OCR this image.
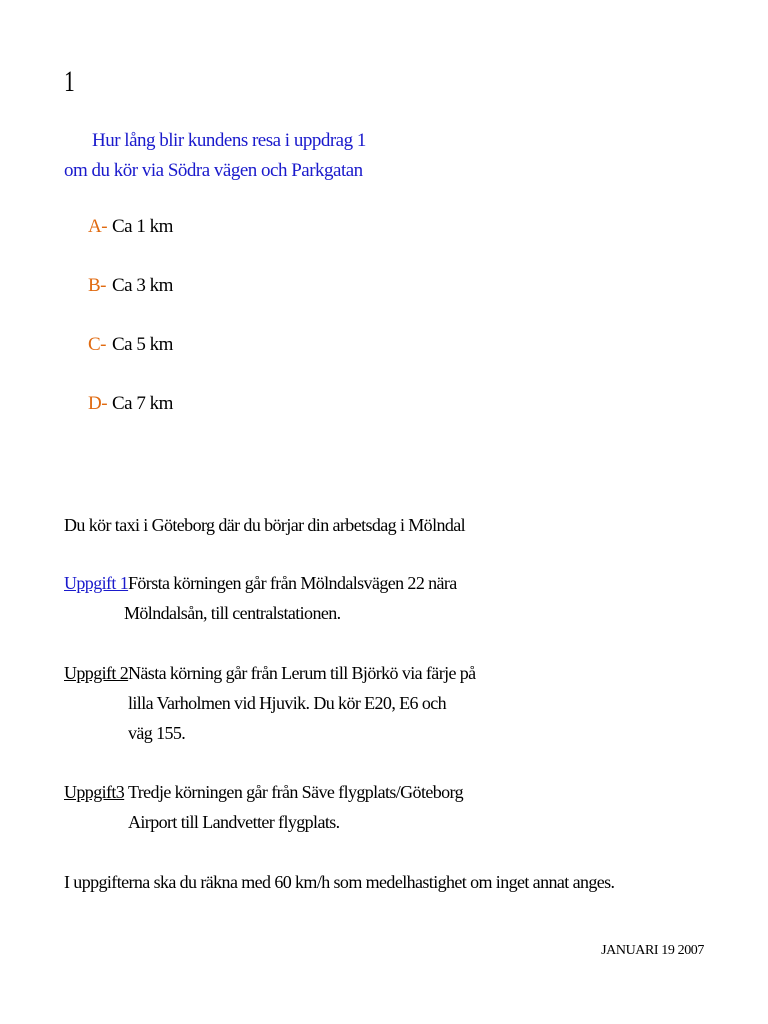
1
Hur lång blir kundens resa i uppdrag 1
om du kör via Södra vägen och Parkgatan
A- Ca 1 km
B- Ca 3 km
C- Ca 5 km
D- Ca 7 km
Du kör taxi i Göteborg där du börjar din arbetsdag i Mölndal
Uppgift 1 Första körningen går från Mölndalsvägen 22 nära
Mölndalsån, till centralstationen.
Uppgift 2 Nästa körning går från Lerum till Björkö via färje på
lilla Varholmen vid Hjuvik. Du kör E20, E6 och
väg 155.
Uppgift3 Tredje körningen går från Säve flygplats/Göteborg
Airport till Landvetter flygplats.
I uppgifterna ska du räkna med 60 km/h som medelhastighet om inget annat anges.
JANUARI 19 2007
